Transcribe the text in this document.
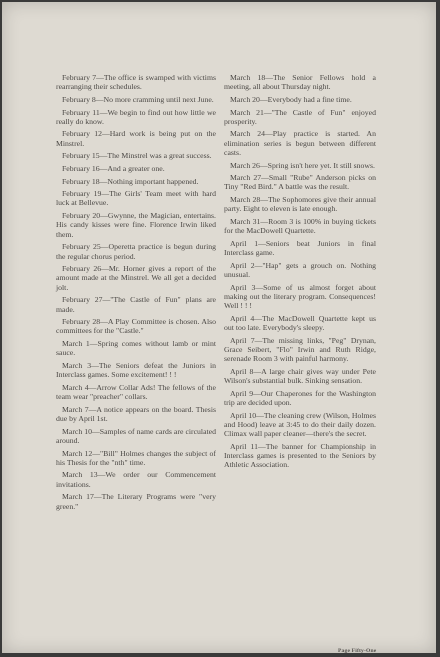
February 7—The office is swamped with victims rearranging their schedules.

February 8—No more cramming until next June.

February 11—We begin to find out how little we really do know.

February 12—Hard work is being put on the Minstrel.

February 15—The Minstrel was a great success.

February 16—And a greater one.

February 18—Nothing important happened.

February 19—The Girls' Team meet with hard luck at Bellevue.

February 20—Gwynne, the Magician, entertains. His candy kisses were fine. Florence Irwin liked them.

February 25—Operetta practice is begun during the regular chorus period.

February 26—Mr. Horner gives a report of the amount made at the Minstrel. We all get a decided jolt.

February 27—"The Castle of Fun" plans are made.

February 28—A Play Committee is chosen. Also committees for the "Castle."

March 1—Spring comes without lamb or mint sauce.

March 3—The Seniors defeat the Juniors in Interclass games. Some excitement! ! !

March 4—Arrow Collar Ads! The fellows of the team wear "preacher" collars.

March 7—A notice appears on the board. Thesis due by April 1st.

March 10—Samples of name cards are circulated around.

March 12—"Bill" Holmes changes the subject of his Thesis for the "nth" time.

March 13—We order our Commencement invitations.

March 17—The Literary Programs were "very green."

March 18—The Senior Fellows hold a meeting, all about Thursday night.

March 20—Everybody had a fine time.

March 21—"The Castle of Fun" enjoyed prosperity.

March 24—Play practice is started. An elimination series is begun between different casts.

March 26—Spring isn't here yet. It still snows.

March 27—Small "Rube" Anderson picks on Tiny "Red Bird." A battle was the result.

March 28—The Sophomores give their annual party. Eight to eleven is late enough.

March 31—Room 3 is 100% in buying tickets for the MacDowell Quartette.

April 1—Seniors beat Juniors in final Interclass game.

April 2—"Hap" gets a grouch on. Nothing unusual.

April 3—Some of us almost forget about making out the literary program. Consequences! Well ! ! !

April 4—The MacDowell Quartette kept us out too late. Everybody's sleepy.

April 7—The missing links, "Peg" Drynan, Grace Seibert, "Flo" Irwin and Ruth Ridge, serenade Room 3 with painful harmony.

April 8—A large chair gives way under Pete Wilson's substantial bulk. Sinking sensation.

April 9—Our Chaperones for the Washington trip are decided upon.

April 10—The cleaning crew (Wilson, Holmes and Hood) leave at 3:45 to do their daily dozen. Climax wall paper cleaner—there's the secret.

April 11—The banner for Championship in Interclass games is presented to the Seniors by Athletic Association.

Page Fifty-One
